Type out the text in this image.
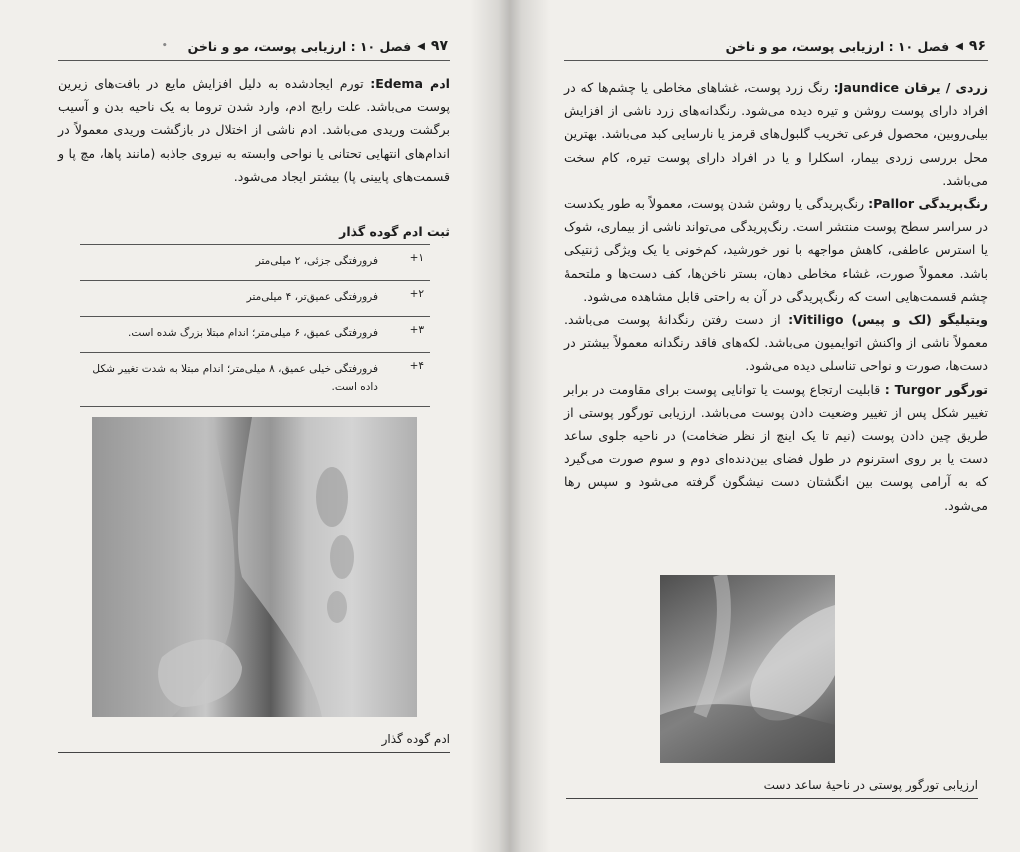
۹۷
◀
فصل ۱۰ : ارزیابی پوست، مو و ناخن
•

ادم Edema: تورم ایجادشده به دلیل افزایش مایع در بافت‌های زیرین پوست می‌باشد. علت رایج ادم، وارد شدن تروما به یک ناحیه بدن و آسیب برگشت وریدی می‌باشد. ادم ناشی از اختلال در بازگشت وریدی معمولاً در اندام‌های انتهایی تحتانی یا نواحی وابسته به نیروی جاذبه (مانند پاها، مچ پا و قسمت‌های پایینی پا) بیشتر ایجاد می‌شود.

ثبت ادم گوده گذار
+۱	فرورفتگی جزئی، ۲ میلی‌متر
+۲	فرورفتگی عمیق‌تر، ۴ میلی‌متر
+۳	فرورفتگی عمیق، ۶ میلی‌متر؛ اندام مبتلا بزرگ شده است.
+۴	فرورفتگی خیلی عمیق، ۸ میلی‌متر؛ اندام مبتلا به شدت تغییر شکل داده است.
ادم گوده گذار
۹۶
◀
فصل ۱۰ : ارزیابی پوست، مو و ناخن

زردی / یرقان Jaundice: رنگ زرد پوست، غشاهای مخاطی یا چشم‌ها که در افراد دارای پوست روشن و تیره دیده می‌شود. رنگدانه‌های زرد ناشی از افزایش بیلی‌روبین، محصول فرعی تخریب گلبول‌های قرمز یا نارسایی کبد می‌باشد. بهترین محل بررسی زردی بیمار، اسکلرا و یا در افراد دارای پوست تیره، کام سخت می‌باشد.

رنگ‌پریدگی Pallor: رنگ‌پریدگی یا روشن شدن پوست، معمولاً به طور یکدست در سراسر سطح پوست منتشر است. رنگ‌پریدگی می‌تواند ناشی از بیماری، شوک یا استرس عاطفی، کاهش مواجهه با نور خورشید، کم‌خونی یا یک ویژگی ژنتیکی باشد. معمولاً صورت، غشاء مخاطی دهان، بستر ناخن‌ها، کف دست‌ها و ملتحمهٔ چشم قسمت‌هایی است که رنگ‌پریدگی در آن به راحتی قابل مشاهده می‌شود.

ویتیلیگو (لک و پیس) Vitiligo: از دست رفتن رنگدانهٔ پوست می‌باشد. معمولاً ناشی از واکنش اتوایمیون می‌باشد. لکه‌های فاقد رنگدانه معمولاً بیشتر در دست‌ها، صورت و نواحی تناسلی دیده می‌شود.

تورگور Turgor : قابلیت ارتجاع پوست یا توانایی پوست برای مقاومت در برابر تغییر شکل پس از تغییر وضعیت دادن پوست می‌باشد. ارزیابی تورگور پوستی از طریق چین دادن پوست (نیم تا یک اینچ از نظر ضخامت) در ناحیه جلوی ساعد دست یا بر روی استرنوم در طول فضای بین‌دنده‌ای دوم و سوم صورت می‌گیرد که به آرامی پوست بین انگشتان دست نیشگون گرفته می‌شود و سپس رها می‌شود.

ارزیابی تورگور پوستی در ناحیهٔ ساعد دست
